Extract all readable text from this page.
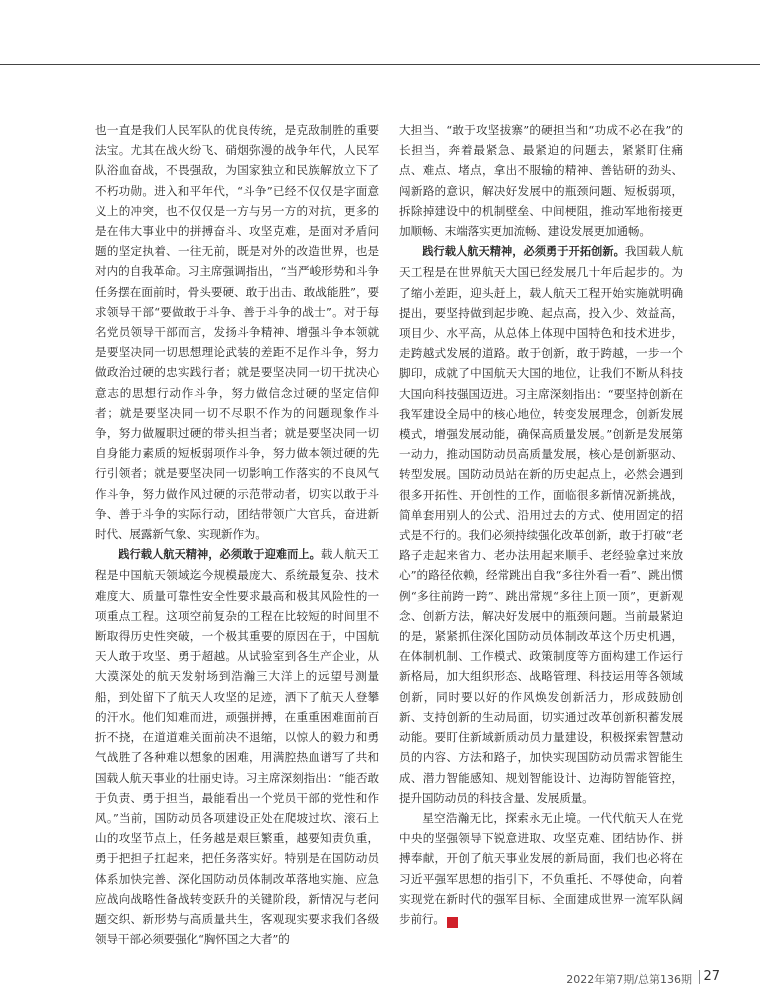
也一直是我们人民军队的优良传统，是克敌制胜的重要法宝。尤其在战火纷飞、硝烟弥漫的战争年代，人民军队浴血奋战，不畏强敌，为国家独立和民族解放立下了不朽功勋。进入和平年代，“斗争”已经不仅仅是字面意义上的冲突，也不仅仅是一方与另一方的对抗，更多的是在伟大事业中的拼搏奋斗、攻坚克难，是面对矛盾问题的坚定执着、一往无前，既是对外的改造世界，也是对内的自我革命。习主席强调指出，“当严峻形势和斗争任务摆在面前时，骨头要硬、敢于出击、敢战能胜”，要求领导干部“要做敢于斗争、善于斗争的战士”。对于每名党员领导干部而言，发扬斗争精神、增强斗争本领就是要坚决同一切思想理论武装的差距不足作斗争，努力做政治过硬的忠实践行者；就是要坚决同一切干扰决心意志的思想行动作斗争，努力做信念过硬的坚定信仰者；就是要坚决同一切不尽职不作为的问题现象作斗争，努力做履职过硬的带头担当者；就是要坚决同一切自身能力素质的短板弱项作斗争，努力做本领过硬的先行引领者；就是要坚决同一切影响工作落实的不良风气作斗争，努力做作风过硬的示范带动者，切实以敢于斗争、善于斗争的实际行动，团结带领广大官兵，奋进新时代、展露新气象、实现新作为。

践行载人航天精神，必须敢于迎难而上。载人航天工程是中国航天领域迄今规模最庞大、系统最复杂、技术难度大、质量可靠性安全性要求最高和极其风险性的一项重点工程。这项空前复杂的工程在比较短的时间里不断取得历史性突破，一个极其重要的原因在于，中国航天人敢于攻坚、勇于超越。从试验室到各生产企业，从大漠深处的航天发射场到浩瀚三大洋上的远望号测量船，到处留下了航天人攻坚的足迹，洒下了航天人登攀的汗水。他们知难而进，顽强拼搏，在重重困难面前百折不挠，在道道难关面前决不退缩，以惊人的毅力和勇气战胜了各种难以想象的困难，用满腔热血谱写了共和国载人航天事业的壮丽史诗。习主席深刻指出：“能否敢于负责、勇于担当，最能看出一个党员干部的党性和作风。”当前，国防动员各项建设正处在爬坡过坎、滚石上山的攻坚节点上，任务越是艰巨繁重，越要知责负重，勇于把担子扛起来，把任务落实好。特别是在国防动员体系加快完善、深化国防动员体制改革落地实施、应急应战向战略性备战转变跃升的关键阶段，新情况与老问题交织、新形势与高质量共生，客观现实要求我们各级领导干部必须要强化“胸怀国之大者”的

大担当、“敢于攻坚拔寨”的硬担当和“功成不必在我”的长担当，奔着最紧急、最紧迫的问题去，紧紧盯住痛点、难点、堵点，拿出不服输的精神、善钻研的劲头、闯新路的意识，解决好发展中的瓶颈问题、短板弱项，拆除掉建设中的机制壁垒、中间梗阻，推动军地衔接更加顺畅、末端落实更加流畅、建设发展更加通畅。

践行载人航天精神，必须勇于开拓创新。我国载人航天工程是在世界航天大国已经发展几十年后起步的。为了缩小差距，迎头赶上，载人航天工程开始实施就明确提出，要坚持做到起步晚、起点高，投入少、效益高，项目少、水平高，从总体上体现中国特色和技术进步，走跨越式发展的道路。敢于创新，敢于跨越，一步一个脚印，成就了中国航天大国的地位，让我们不断从科技大国向科技强国迈进。习主席深刻指出：“要坚持创新在我军建设全局中的核心地位，转变发展理念，创新发展模式，增强发展动能，确保高质量发展。”创新是发展第一动力，推动国防动员高质量发展，核心是创新驱动、转型发展。国防动员站在新的历史起点上，必然会遇到很多开拓性、开创性的工作，面临很多新情况新挑战，简单套用别人的公式、沿用过去的方式、使用固定的招式是不行的。我们必须持续强化改革创新，敢于打破“老路子走起来省力、老办法用起来顺手、老经验拿过来放心”的路径依赖，经常跳出自我“多往外看一看”、跳出惯例“多往前跨一跨”、跳出常规“多往上顶一顶”，更新观念、创新方法，解决好发展中的瓶颈问题。当前最紧迫的是，紧紧抓住深化国防动员体制改革这个历史机遇，在体制机制、工作模式、政策制度等方面构建工作运行新格局，加大组织形态、战略管理、科技运用等各领域创新，同时要以好的作风焕发创新活力，形成鼓励创新、支持创新的生动局面，切实通过改革创新积蓄发展动能。要盯住新域新质动员力量建设，积极探索智慧动员的内容、方法和路子，加快实现国防动员需求智能生成、潜力智能感知、规划智能设计、边海防智能管控，提升国防动员的科技含量、发展质量。

星空浩瀚无比，探索永无止境。一代代航天人在党中央的坚强领导下锐意进取、攻坚克难、团结协作、拼搏奉献，开创了航天事业发展的新局面，我们也必将在习近平强军思想的指引下，不负重托、不辱使命，向着实现党在新时代的强军目标、全面建成世界一流军队阔步前行。	G

2022年第7期/总第136期 27
